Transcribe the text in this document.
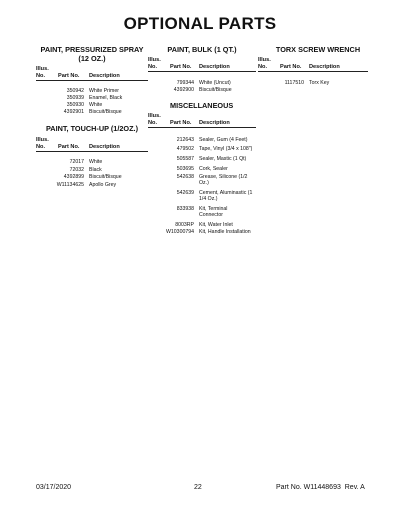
OPTIONAL PARTS
PAINT, PRESSURIZED SPRAY (12 OZ.)
Illus.
No.	Part No. Description
350942 White Primer
350939 Enamel, Black
350930 White
4392901 Biscuit/Bisque
PAINT, TOUCH-UP (1/2OZ.)
Illus.
No.	Part No. Description
72017 White
72032 Black
4392899 Biscuit/Bisque
W11134625 Apollo Grey
PAINT, BULK (1 QT.)
Illus.
No.	Part No. Description
799344 White (Uncut)
4392900 Biscuit/Bisque
MISCELLANEOUS
Illus.
No.	Part No. Description
212643 Sealer, Gum (4 Feet)
479502 Tape, Vinyl (3/4 x 108")
505587 Sealer, Mastic (1 Qt)
503695 Cork, Sealer
542638 Grease, Silicone (1/2 Oz.)
542639 Cement, Aluminastic (1 1/4 Oz.)
833938 Kit, Terminal Connector
8003RP Kit, Water Inlet
W10300794 Kit, Handle Installation
TORX SCREW WRENCH
Illus.
No.	Part No. Description
1117510 Torx Key
03/17/2020	22	Part No. W11448693  Rev. A
